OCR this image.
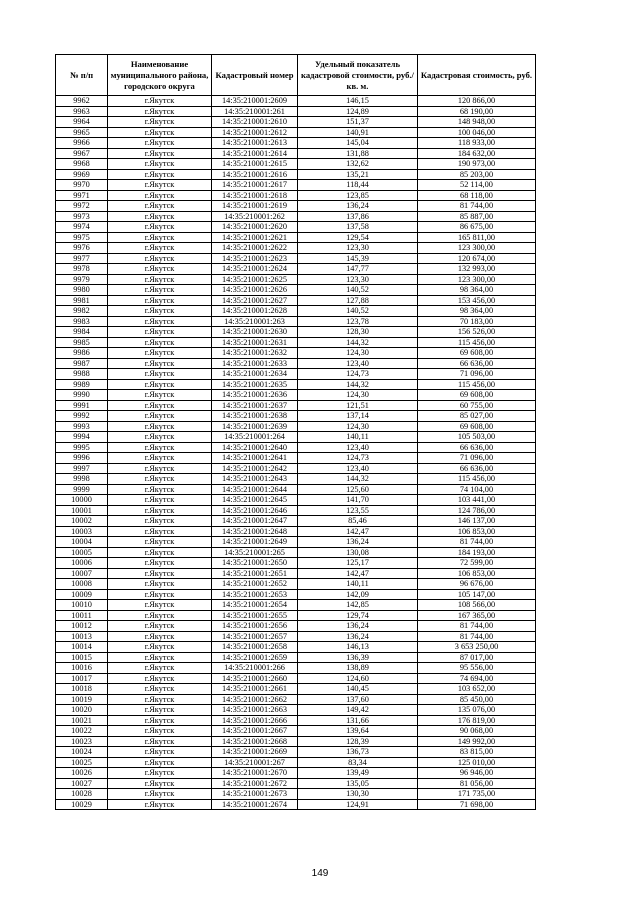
№ п/п	Наименование муниципального района, городского округа	Кадастровый номер	Удельный показатель кадастровой стоимости, руб./кв. м.	Кадастровая стоимость, руб.
9962	г.Якутск	14:35:210001:2609	146,15	120 866,00
9963	г.Якутск	14:35:210001:261	124,89	68 190,00
9964	г.Якутск	14:35:210001:2610	151,37	148 948,00
9965	г.Якутск	14:35:210001:2612	140,91	100 046,00
9966	г.Якутск	14:35:210001:2613	145,04	118 933,00
9967	г.Якутск	14:35:210001:2614	131,88	184 632,00
9968	г.Якутск	14:35:210001:2615	132,62	190 973,00
9969	г.Якутск	14:35:210001:2616	135,21	85 203,00
9970	г.Якутск	14:35:210001:2617	118,44	52 114,00
9971	г.Якутск	14:35:210001:2618	123,85	68 118,00
9972	г.Якутск	14:35:210001:2619	136,24	81 744,00
9973	г.Якутск	14:35:210001:262	137,86	85 887,00
9974	г.Якутск	14:35:210001:2620	137,58	86 675,00
9975	г.Якутск	14:35:210001:2621	129,54	165 811,00
9976	г.Якутск	14:35:210001:2622	123,30	123 300,00
9977	г.Якутск	14:35:210001:2623	145,39	120 674,00
9978	г.Якутск	14:35:210001:2624	147,77	132 993,00
9979	г.Якутск	14:35:210001:2625	123,30	123 300,00
9980	г.Якутск	14:35:210001:2626	140,52	98 364,00
9981	г.Якутск	14:35:210001:2627	127,88	153 456,00
9982	г.Якутск	14:35:210001:2628	140,52	98 364,00
9983	г.Якутск	14:35:210001:263	123,78	70 183,00
9984	г.Якутск	14:35:210001:2630	128,30	156 526,00
9985	г.Якутск	14:35:210001:2631	144,32	115 456,00
9986	г.Якутск	14:35:210001:2632	124,30	69 608,00
9987	г.Якутск	14:35:210001:2633	123,40	66 636,00
9988	г.Якутск	14:35:210001:2634	124,73	71 096,00
9989	г.Якутск	14:35:210001:2635	144,32	115 456,00
9990	г.Якутск	14:35:210001:2636	124,30	69 608,00
9991	г.Якутск	14:35:210001:2637	121,51	60 755,00
9992	г.Якутск	14:35:210001:2638	137,14	85 027,00
9993	г.Якутск	14:35:210001:2639	124,30	69 608,00
9994	г.Якутск	14:35:210001:264	140,11	105 503,00
9995	г.Якутск	14:35:210001:2640	123,40	66 636,00
9996	г.Якутск	14:35:210001:2641	124,73	71 096,00
9997	г.Якутск	14:35:210001:2642	123,40	66 636,00
9998	г.Якутск	14:35:210001:2643	144,32	115 456,00
9999	г.Якутск	14:35:210001:2644	125,60	74 104,00
10000	г.Якутск	14:35:210001:2645	141,70	103 441,00
10001	г.Якутск	14:35:210001:2646	123,55	124 786,00
10002	г.Якутск	14:35:210001:2647	85,46	146 137,00
10003	г.Якутск	14:35:210001:2648	142,47	106 853,00
10004	г.Якутск	14:35:210001:2649	136,24	81 744,00
10005	г.Якутск	14:35:210001:265	130,08	184 193,00
10006	г.Якутск	14:35:210001:2650	125,17	72 599,00
10007	г.Якутск	14:35:210001:2651	142,47	106 853,00
10008	г.Якутск	14:35:210001:2652	140,11	96 676,00
10009	г.Якутск	14:35:210001:2653	142,09	105 147,00
10010	г.Якутск	14:35:210001:2654	142,85	108 566,00
10011	г.Якутск	14:35:210001:2655	129,74	167 365,00
10012	г.Якутск	14:35:210001:2656	136,24	81 744,00
10013	г.Якутск	14:35:210001:2657	136,24	81 744,00
10014	г.Якутск	14:35:210001:2658	146,13	3 653 250,00
10015	г.Якутск	14:35:210001:2659	136,39	87 017,00
10016	г.Якутск	14:35:210001:266	138,89	95 556,00
10017	г.Якутск	14:35:210001:2660	124,60	74 694,00
10018	г.Якутск	14:35:210001:2661	140,45	103 652,00
10019	г.Якутск	14:35:210001:2662	137,60	85 450,00
10020	г.Якутск	14:35:210001:2663	149,42	135 076,00
10021	г.Якутск	14:35:210001:2666	131,66	176 819,00
10022	г.Якутск	14:35:210001:2667	139,64	90 068,00
10023	г.Якутск	14:35:210001:2668	128,39	149 992,00
10024	г.Якутск	14:35:210001:2669	136,73	83 815,00
10025	г.Якутск	14:35:210001:267	83,34	125 010,00
10026	г.Якутск	14:35:210001:2670	139,49	96 946,00
10027	г.Якутск	14:35:210001:2672	135,05	81 056,00
10028	г.Якутск	14:35:210001:2673	130,30	171 735,00
10029	г.Якутск	14:35:210001:2674	124,91	71 698,00
149
